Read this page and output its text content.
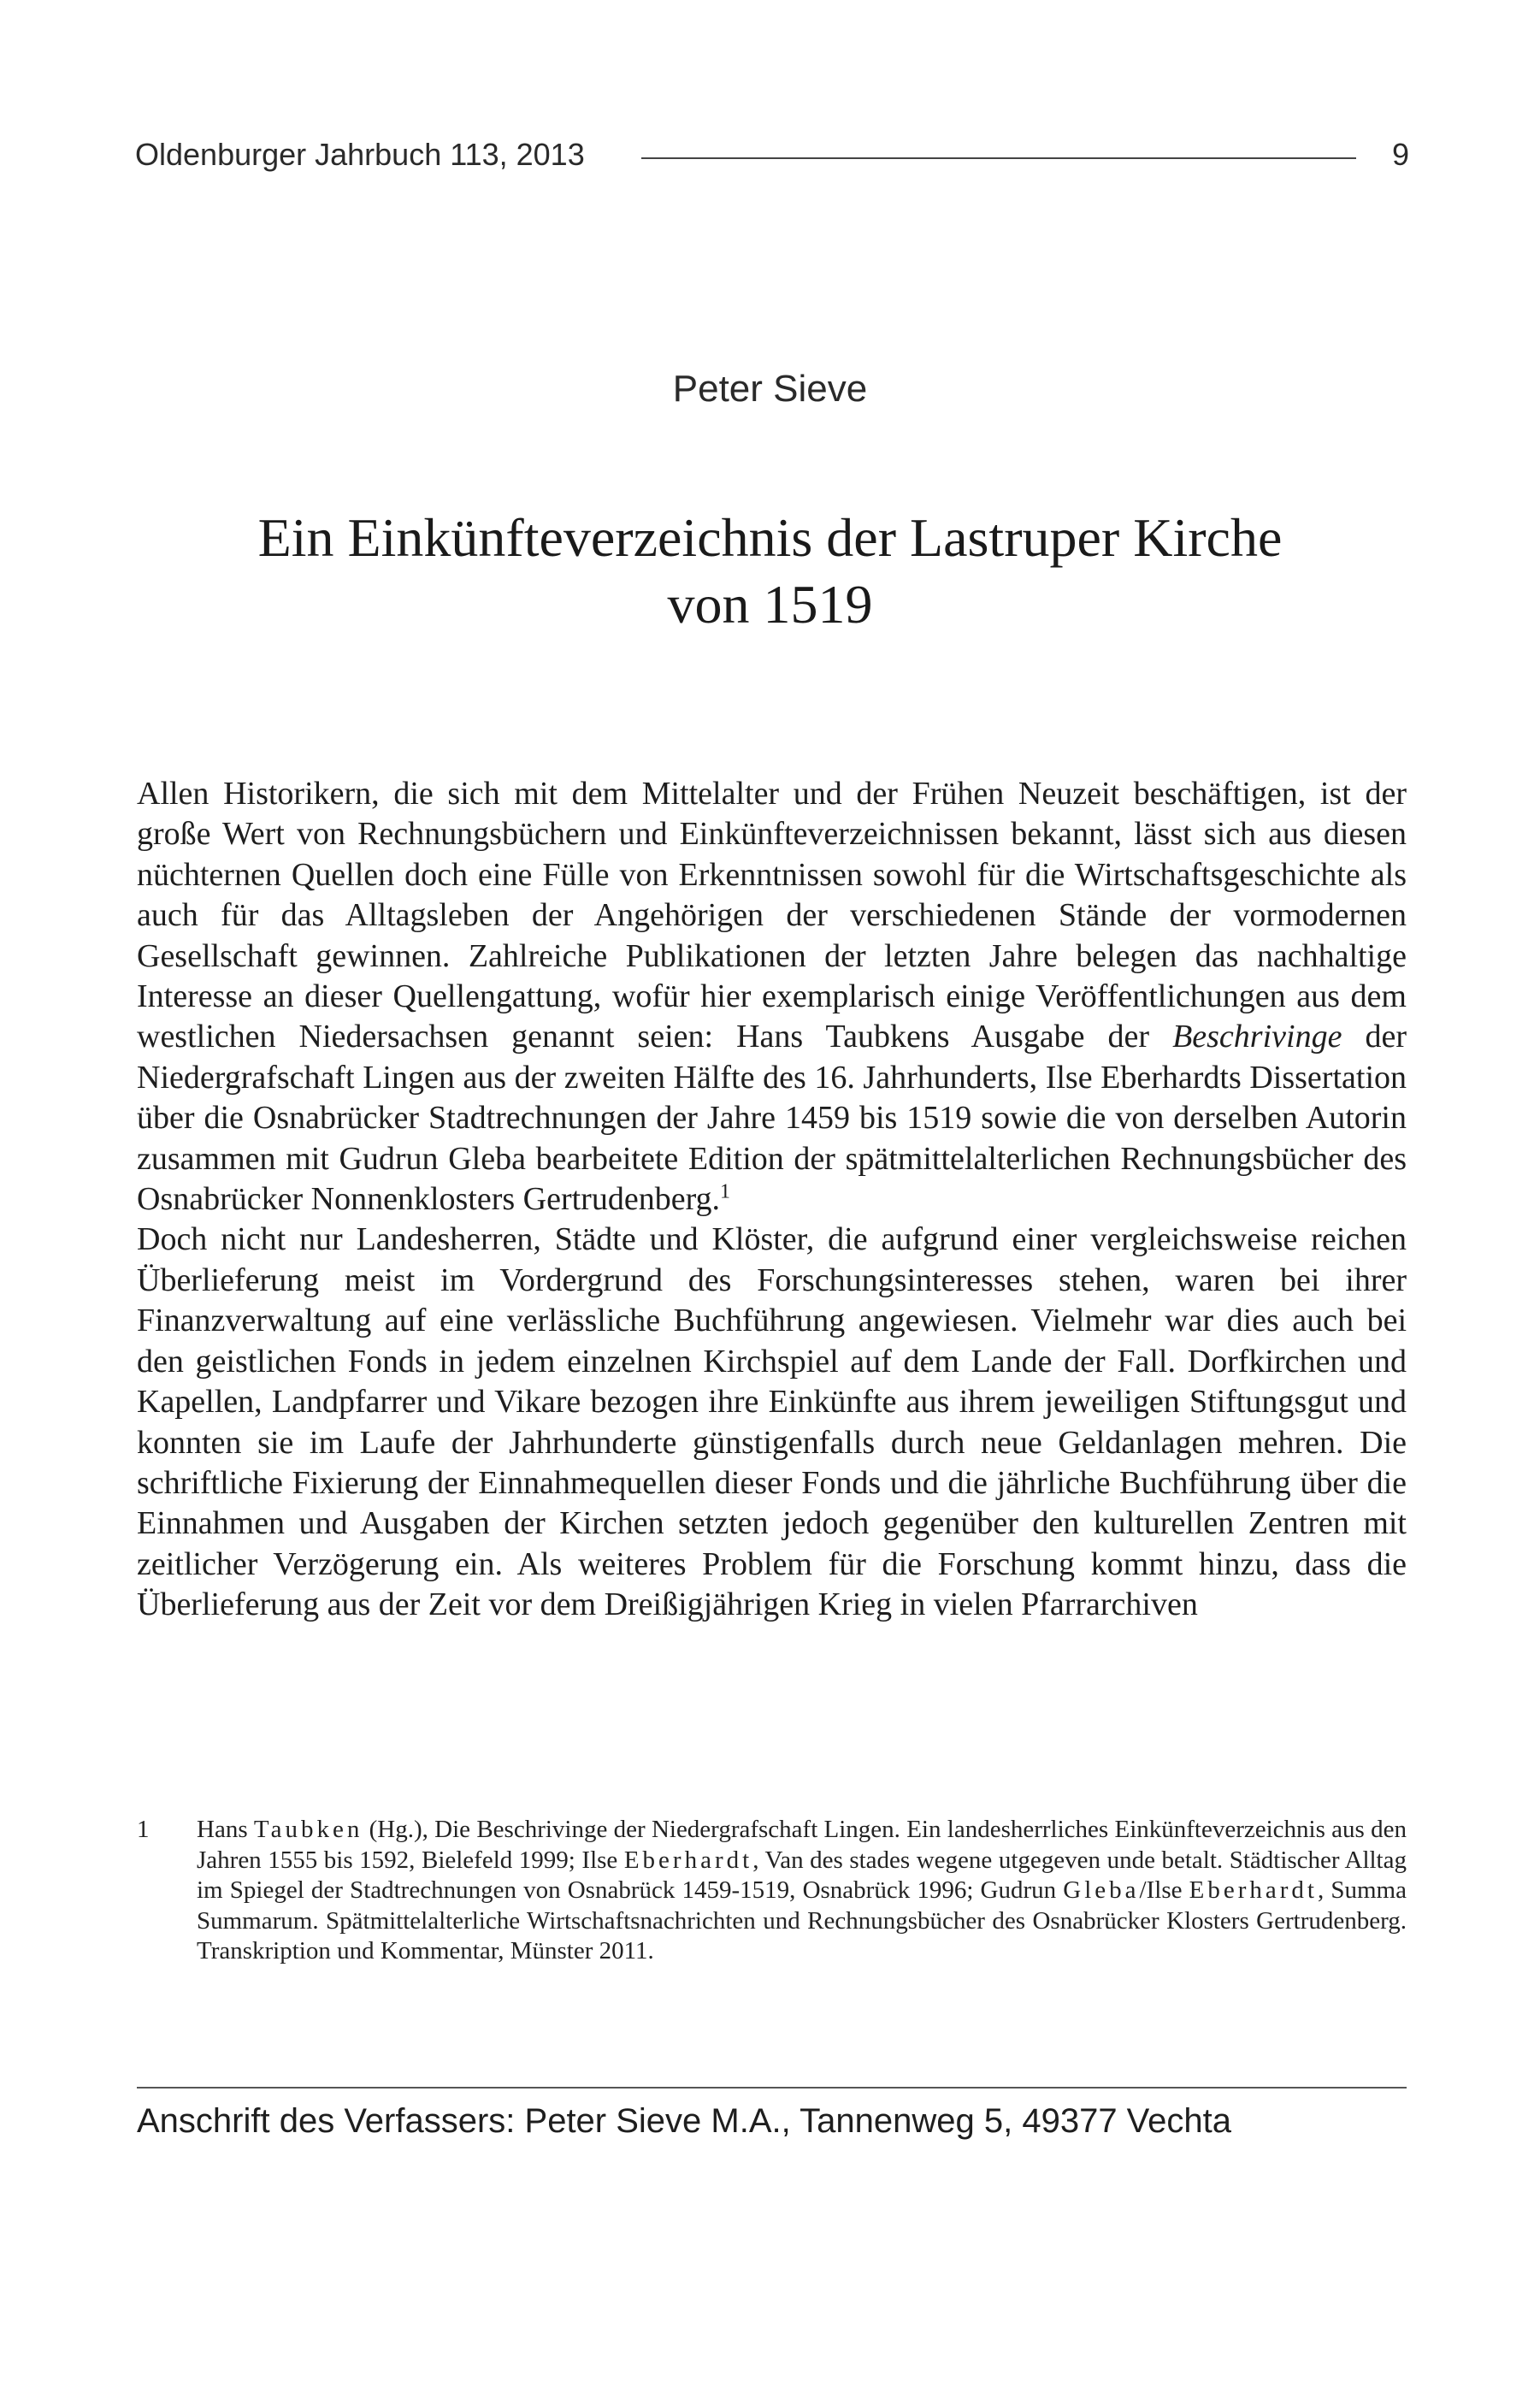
Oldenburger Jahrbuch 113, 2013	9
Peter Sieve
Ein Einkünfteverzeichnis der Lastruper Kirche
von 1519

Allen Historikern, die sich mit dem Mittelalter und der Frühen Neuzeit beschäftigen, ist der große Wert von Rechnungsbüchern und Einkünfteverzeichnissen bekannt, lässt sich aus diesen nüchternen Quellen doch eine Fülle von Erkenntnissen sowohl für die Wirtschaftsgeschichte als auch für das Alltagsleben der Angehörigen der verschiedenen Stände der vormodernen Gesellschaft gewinnen. Zahlreiche Publikationen der letzten Jahre belegen das nachhaltige Interesse an dieser Quellengattung, wofür hier exemplarisch einige Veröffentlichungen aus dem westlichen Niedersachsen genannt seien: Hans Taubkens Ausgabe der Beschrivinge der Niedergrafschaft Lingen aus der zweiten Hälfte des 16. Jahrhunderts, Ilse Eberhardts Dissertation über die Osnabrücker Stadtrechnungen der Jahre 1459 bis 1519 sowie die von derselben Autorin zusammen mit Gudrun Gleba bearbeitete Edition der spätmittelalterlichen Rechnungsbücher des Osnabrücker Nonnenklosters Gertrudenberg.$^1$

Doch nicht nur Landesherren, Städte und Klöster, die aufgrund einer vergleichsweise reichen Überlieferung meist im Vordergrund des Forschungsinteresses stehen, waren bei ihrer Finanzverwaltung auf eine verlässliche Buchführung angewiesen. Vielmehr war dies auch bei den geistlichen Fonds in jedem einzelnen Kirchspiel auf dem Lande der Fall. Dorfkirchen und Kapellen, Landpfarrer und Vikare bezogen ihre Einkünfte aus ihrem jeweiligen Stiftungsgut und konnten sie im Laufe der Jahrhunderte günstigenfalls durch neue Geldanlagen mehren. Die schriftliche Fixierung der Einnahmequellen dieser Fonds und die jährliche Buchführung über die Einnahmen und Ausgaben der Kirchen setzten jedoch gegenüber den kulturellen Zentren mit zeitlicher Verzögerung ein. Als weiteres Problem für die Forschung kommt hinzu, dass die Überlieferung aus der Zeit vor dem Dreißigjährigen Krieg in vielen Pfarrarchiven

1	Hans Taubken (Hg.), Die Beschrivinge der Niedergrafschaft Lingen. Ein landesherrliches Einkünfteverzeichnis aus den Jahren 1555 bis 1592, Bielefeld 1999; Ilse Eberhardt, Van des stades wegene utgegeven unde betalt. Städtischer Alltag im Spiegel der Stadtrechnungen von Osnabrück 1459-1519, Osnabrück 1996; Gudrun Gleba/Ilse Eberhardt, Summa Summarum. Spätmittelalterliche Wirtschaftsnachrichten und Rechnungsbücher des Osnabrücker Klosters Gertrudenberg. Transkription und Kommentar, Münster 2011.
Anschrift des Verfassers: Peter Sieve M.A., Tannenweg 5, 49377 Vechta
